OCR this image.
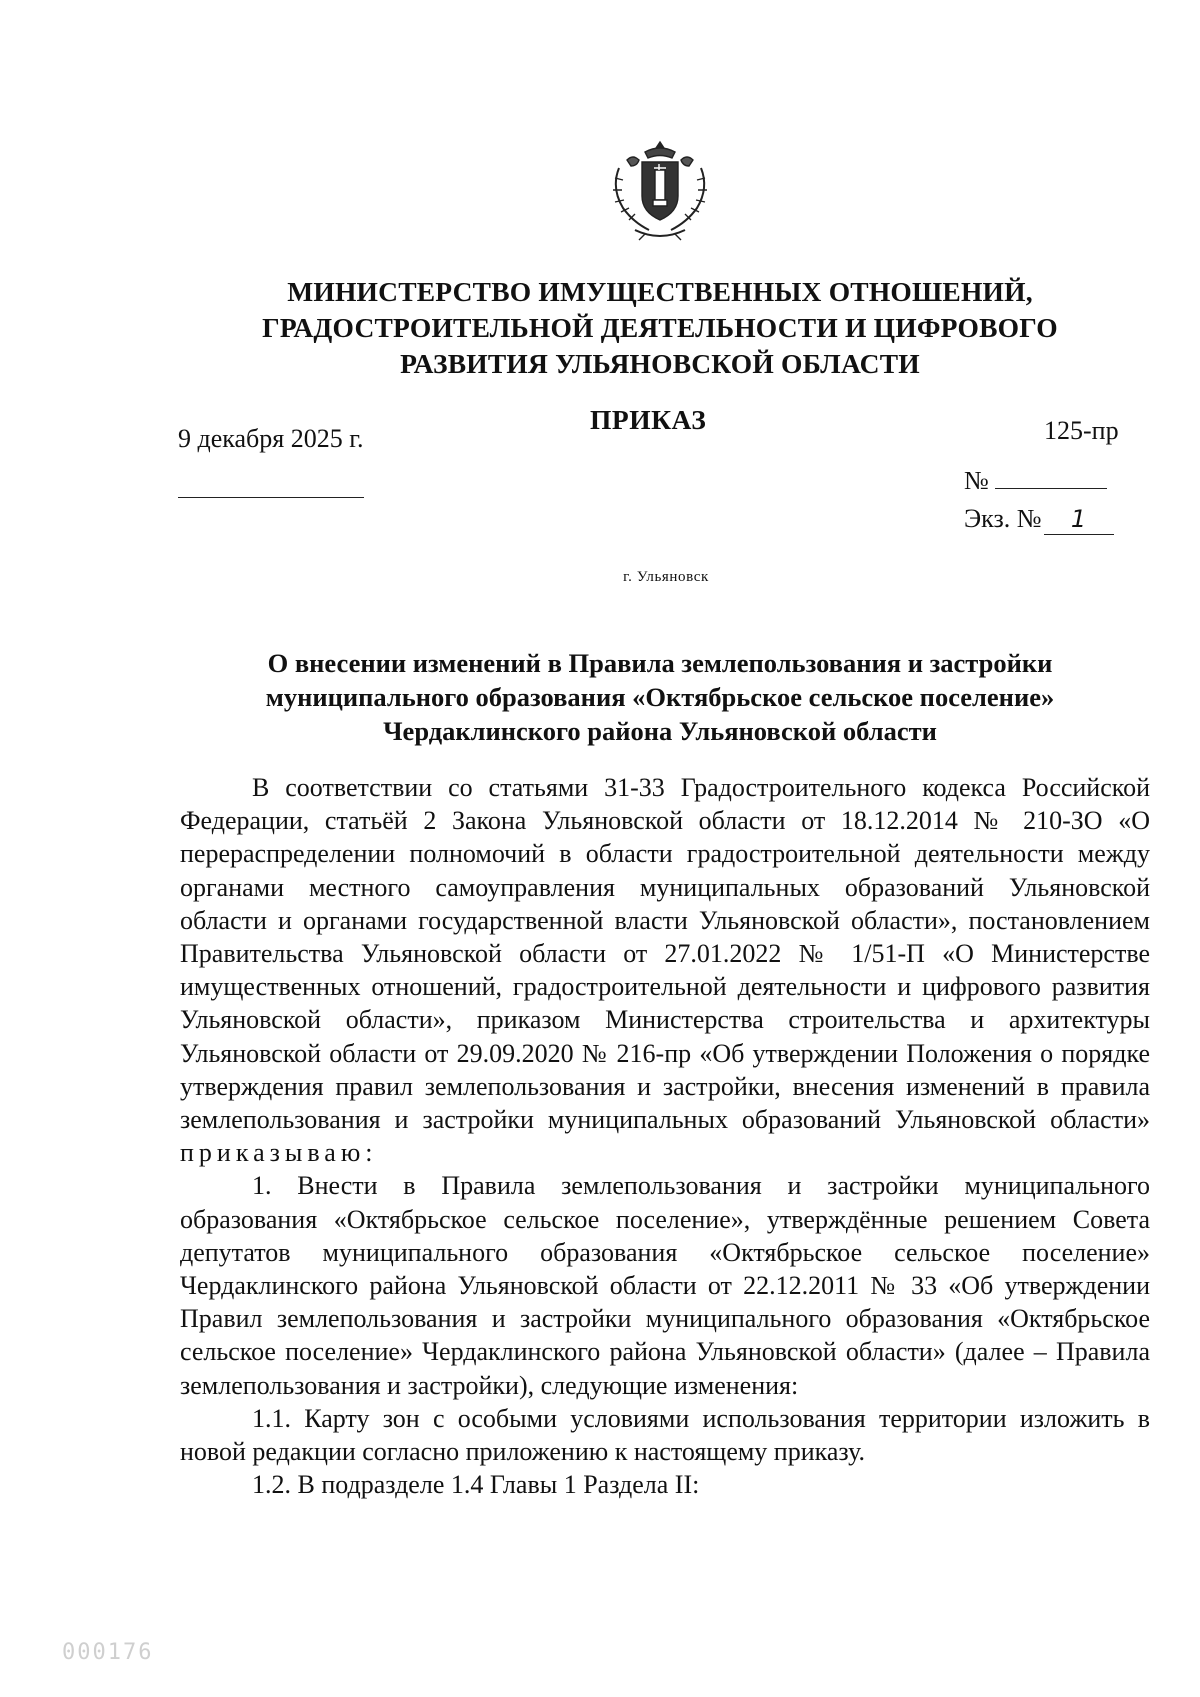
МИНИСТЕРСТВО ИМУЩЕСТВЕННЫХ ОТНОШЕНИЙ,
ГРАДОСТРОИТЕЛЬНОЙ ДЕЯТЕЛЬНОСТИ И ЦИФРОВОГО
РАЗВИТИЯ УЛЬЯНОВСКОЙ ОБЛАСТИ
9 декабря 2025 г.
ПРИКАЗ	125-пр
№
Экз. № 1
г. Ульяновск
О внесении изменений в Правила землепользования и застройки
муниципального образования «Октябрьское сельское поселение»
Чердаклинского района Ульяновской области

В соответствии со статьями 31-33 Градостроительного кодекса Российской Федерации, статьёй 2 Закона Ульяновской области от 18.12.2014 № 210-ЗО «О перераспределении полномочий в области градостроительной деятельности между органами местного самоуправления муниципальных образований Ульяновской области и органами государственной власти Ульяновской области», постановлением Правительства Ульяновской области от 27.01.2022 № 1/51-П «О Министерстве имущественных отношений, градостроительной деятельности и цифрового развития Ульяновской области», приказом Министерства строительства и архитектуры Ульяновской области от 29.09.2020 № 216-пр «Об утверждении Положения о порядке утверждения правил землепользования и застройки, внесения изменений в правила землепользования и застройки муниципальных образований Ульяновской области» приказываю:

1. Внести в Правила землепользования и застройки муниципального образования «Октябрьское сельское поселение», утверждённые решением Совета депутатов муниципального образования «Октябрьское сельское поселение» Чердаклинского района Ульяновской области от 22.12.2011 № 33 «Об утверждении Правил землепользования и застройки муниципального образования «Октябрьское сельское поселение» Чердаклинского района Ульяновской области» (далее – Правила землепользования и застройки), следующие изменения:

1.1. Карту зон с особыми условиями использования территории изложить в новой редакции согласно приложению к настоящему приказу.

1.2. В подразделе 1.4 Главы 1 Раздела II:

000176
